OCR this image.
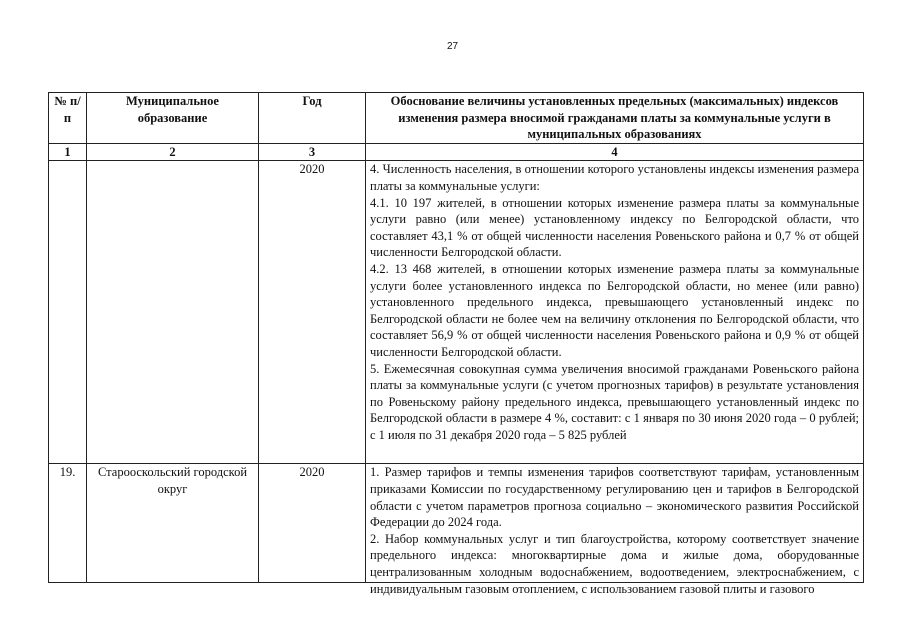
27
№ п/п	Муниципальное образование	Год	Обоснование величины установленных предельных (максимальных) индексов изменения размера вносимой гражданами платы за коммунальные услуги в муниципальных образованиях
1	2	3	4
		2020	4. Численность населения, в отношении которого установлены индексы изменения размера платы за коммунальные услуги:

4.1. 10 197 жителей, в отношении которых изменение размера платы за коммунальные услуги равно (или менее) установленному индексу по Белгородской области, что составляет 43,1 % от общей численности населения Ровеньского района и 0,7 % от общей численности Белгородской области.

4.2. 13 468 жителей, в отношении которых изменение размера платы за коммунальные услуги более установленного индекса по Белгородской области, но менее (или равно) установленного предельного индекса, превышающего установленный индекс по Белгородской области не более чем на величину отклонения по Белгородской области, что составляет 56,9 % от общей численности населения Ровеньского района и 0,9 % от общей численности Белгородской области.

5. Ежемесячная совокупная сумма увеличения вносимой гражданами Ровеньского района платы за коммунальные услуги (с учетом прогнозных тарифов) в результате установления по Ровеньскому району предельного индекса, превышающего установленный индекс по Белгородской области в размере 4 %, составит: с 1 января по 30 июня 2020 года – 0 рублей; с 1 июля по 31 декабря 2020 года – 5 825 рублей

19.	Старооскольский городской округ	2020	1. Размер тарифов и темпы изменения тарифов соответствуют тарифам, установленным приказами Комиссии по государственному регулированию цен и тарифов в Белгородской области с учетом параметров прогноза социально – экономического развития Российской Федерации до 2024 года.

2. Набор коммунальных услуг и тип благоустройства, которому соответствует значение предельного индекса: многоквартирные дома и жилые дома, оборудованные централизованным холодным водоснабжением, водоотведением, электроснабжением, с индивидуальным газовым отоплением, с использованием газовой плиты и газового
